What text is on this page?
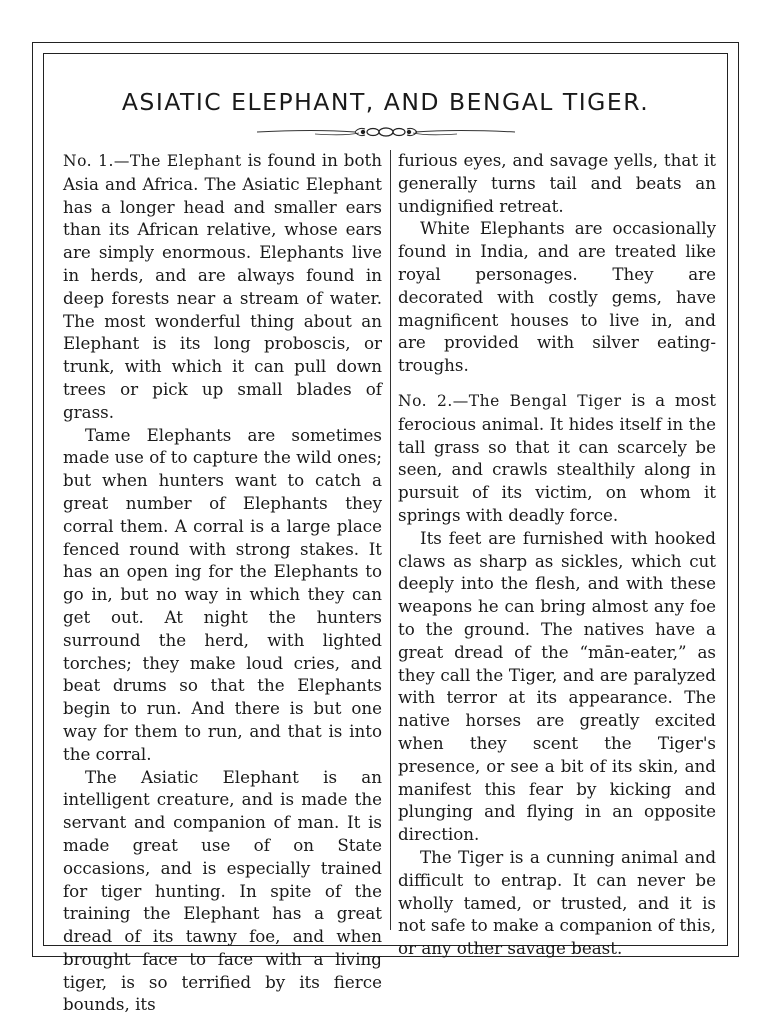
ASIATIC ELEPHANT, AND BENGAL TIGER.

No. 1.—The Elephant is found in both Asia and Africa. The Asiatic Elephant has a longer head and smaller ears than its African relative, whose ears are simply enormous. Elephants live in herds, and are always found in deep forests near a stream of water. The most wonderful thing about an Elephant is its long proboscis, or trunk, with which it can pull down trees or pick up small blades of grass.

Tame Elephants are sometimes made use of to capture the wild ones; but when hunters want to catch a great number of Elephants they corral them. A corral is a large place fenced round with strong stakes. It has an open ing for the Elephants to go in, but no way in which they can get out. At night the hunters surround the herd, with lighted torches; they make loud cries, and beat drums so that the Elephants begin to run. And there is but one way for them to run, and that is into the corral.

The Asiatic Elephant is an intelligent creature, and is made the servant and companion of man. It is made great use of on State occasions, and is especially trained for tiger hunting. In spite of the training the Elephant has a great dread of its tawny foe, and when brought face to face with a living tiger, is so terrified by its fierce bounds, its

furious eyes, and savage yells, that it generally turns tail and beats an undignified retreat.

White Elephants are occasionally found in India, and are treated like royal personages. They are decorated with costly gems, have magnificent houses to live in, and are provided with silver eating-troughs.

No. 2.—The Bengal Tiger is a most ferocious animal. It hides itself in the tall grass so that it can scarcely be seen, and crawls stealthily along in pursuit of its victim, on whom it springs with deadly force.

Its feet are furnished with hooked claws as sharp as sickles, which cut deeply into the flesh, and with these weapons he can bring almost any foe to the ground. The natives have a great dread of the “mān-eater,” as they call the Tiger, and are paralyzed with terror at its appearance. The native horses are greatly excited when they scent the Tiger's presence, or see a bit of its skin, and manifest this fear by kicking and plunging and flying in an opposite direction.

The Tiger is a cunning animal and difficult to entrap. It can never be wholly tamed, or trusted, and it is not safe to make a companion of this, or any other savage beast.
